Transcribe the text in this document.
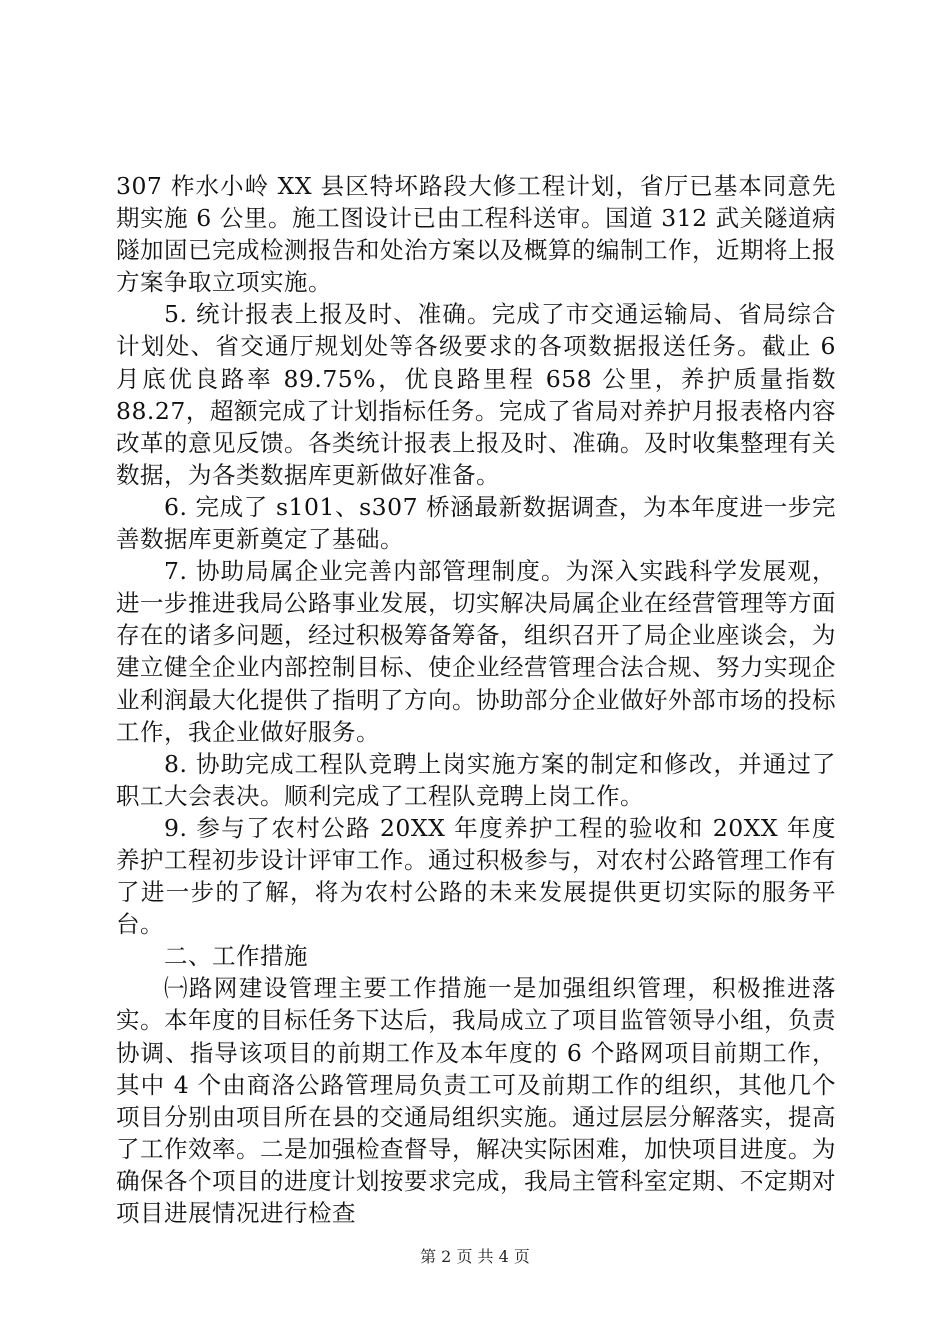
307 柞水小岭 XX 县区特坏路段大修工程计划，省厅已基本同意先期实施 6 公里。施工图设计已由工程科送审。国道 312 武关隧道病隧加固已完成检测报告和处治方案以及概算的编制工作，近期将上报方案争取立项实施。

5. 统计报表上报及时、准确。完成了市交通运输局、省局综合计划处、省交通厅规划处等各级要求的各项数据报送任务。截止 6 月底优良路率 89.75%，优良路里程 658 公里，养护质量指数 88.27，超额完成了计划指标任务。完成了省局对养护月报表格内容改革的意见反馈。各类统计报表上报及时、准确。及时收集整理有关数据，为各类数据库更新做好准备。

6. 完成了 s101、s307 桥涵最新数据调查，为本年度进一步完善数据库更新奠定了基础。

7. 协助局属企业完善内部管理制度。为深入实践科学发展观，进一步推进我局公路事业发展，切实解决局属企业在经营管理等方面存在的诸多问题，经过积极筹备筹备，组织召开了局企业座谈会，为建立健全企业内部控制目标、使企业经营管理合法合规、努力实现企业利润最大化提供了指明了方向。协助部分企业做好外部市场的投标工作，我企业做好服务。

8. 协助完成工程队竞聘上岗实施方案的制定和修改，并通过了职工大会表决。顺利完成了工程队竞聘上岗工作。

9. 参与了农村公路 20XX 年度养护工程的验收和 20XX 年度养护工程初步设计评审工作。通过积极参与，对农村公路管理工作有了进一步的了解，将为农村公路的未来发展提供更切实际的服务平台。

二、工作措施

㈠路网建设管理主要工作措施一是加强组织管理，积极推进落实。本年度的目标任务下达后，我局成立了项目监管领导小组，负责协调、指导该项目的前期工作及本年度的 6 个路网项目前期工作，其中 4 个由商洛公路管理局负责工可及前期工作的组织，其他几个项目分别由项目所在县的交通局组织实施。通过层层分解落实，提高了工作效率。二是加强检查督导，解决实际困难，加快项目进度。为确保各个项目的进度计划按要求完成，我局主管科室定期、不定期对项目进展情况进行检查

第 2 页 共 4 页
